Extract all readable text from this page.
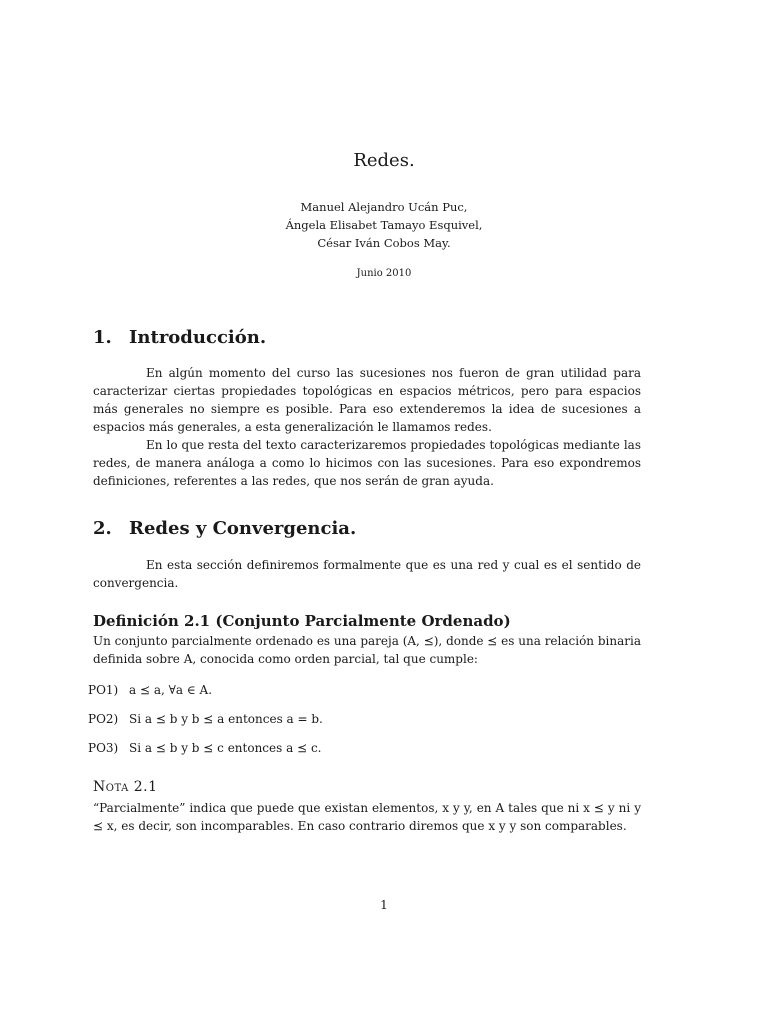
Redes.
Manuel Alejandro Ucán Puc,
Ángela Elisabet Tamayo Esquivel,
César Iván Cobos May.
Junio 2010
1. Introducción.

En algún momento del curso las sucesiones nos fueron de gran utilidad para caracterizar ciertas propiedades topológicas en espacios métricos, pero para espacios más generales no siempre es posible. Para eso extenderemos la idea de sucesiones a espacios más generales, a esta generalización le llamamos redes.

En lo que resta del texto caracterizaremos propiedades topológicas mediante las redes, de manera análoga a como lo hicimos con las sucesiones. Para eso expondremos definiciones, referentes a las redes, que nos serán de gran ayuda.

2. Redes y Convergencia.

En esta sección definiremos formalmente que es una red y cual es el sentido de convergencia.

Definición 2.1 (Conjunto Parcialmente Ordenado)

Un conjunto parcialmente ordenado es una pareja (A, ⪯), donde ⪯ es una relación binaria definida sobre A, conocida como orden parcial, tal que cumple:

PO1) a ⪯ a, ∀a ∈ A.
PO2) Si a ⪯ b y b ⪯ a entonces a = b.
PO3) Si a ⪯ b y b ⪯ c entonces a ⪯ c.
Nota 2.1

“Parcialmente” indica que puede que existan elementos, x y y, en A tales que ni x ⪯ y ni y ⪯ x, es decir, son incomparables. En caso contrario diremos que x y y son comparables.

1
